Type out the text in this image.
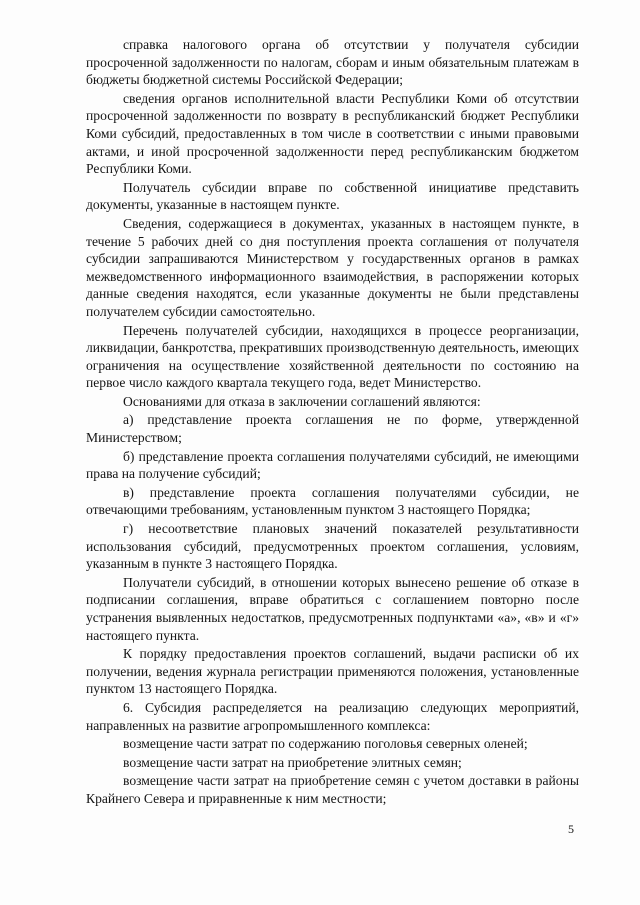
справка налогового органа об отсутствии у получателя субсидии просроченной задолженности по налогам, сборам и иным обязательным платежам в бюджеты бюджетной системы Российской Федерации;

сведения органов исполнительной власти Республики Коми об отсутствии просроченной задолженности по возврату в республиканский бюджет Республики Коми субсидий, предоставленных в том числе в соответствии с иными правовыми актами, и иной просроченной задолженности перед республиканским бюджетом Республики Коми.

Получатель субсидии вправе по собственной инициативе представить документы, указанные в настоящем пункте.

Сведения, содержащиеся в документах, указанных в настоящем пункте, в течение 5 рабочих дней со дня поступления проекта соглашения от получателя субсидии запрашиваются Министерством у государственных органов в рамках межведомственного информационного взаимодействия, в распоряжении которых данные сведения находятся, если указанные документы не были представлены получателем субсидии самостоятельно.

Перечень получателей субсидии, находящихся в процессе реорганизации, ликвидации, банкротства, прекративших производственную деятельность, имеющих ограничения на осуществление хозяйственной деятельности по состоянию на первое число каждого квартала текущего года, ведет Министерство.

Основаниями для отказа в заключении соглашений являются:

а) представление проекта соглашения не по форме, утвержденной Министерством;

б) представление проекта соглашения получателями субсидий, не имеющими права на получение субсидий;

в) представление проекта соглашения получателями субсидии, не отвечающими требованиям, установленным пунктом 3 настоящего Порядка;

г) несоответствие плановых значений показателей результативности использования субсидий, предусмотренных проектом соглашения, условиям, указанным в пункте 3 настоящего Порядка.

Получатели субсидий, в отношении которых вынесено решение об отказе в подписании соглашения, вправе обратиться с соглашением повторно после устранения выявленных недостатков, предусмотренных подпунктами «а», «в» и «г» настоящего пункта.

К порядку предоставления проектов соглашений, выдачи расписки об их получении, ведения журнала регистрации применяются положения, установленные пунктом 13 настоящего Порядка.

6. Субсидия распределяется на реализацию следующих мероприятий, направленных на развитие агропромышленного комплекса:

возмещение части затрат по содержанию поголовья северных оленей;

возмещение части затрат на приобретение элитных семян;

возмещение части затрат на приобретение семян с учетом доставки в районы Крайнего Севера и приравненные к ним местности;

5
